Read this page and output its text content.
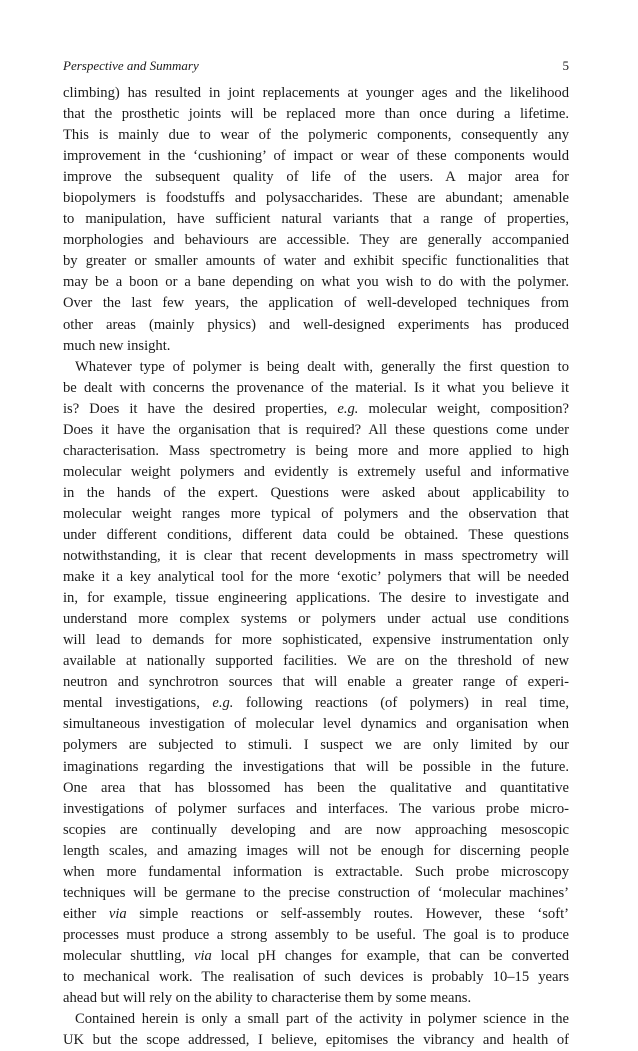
Perspective and Summary	5
climbing) has resulted in joint replacements at younger ages and the likelihood
that the prosthetic joints will be replaced more than once during a lifetime.
This is mainly due to wear of the polymeric components, consequently any
improvement in the ‘cushioning’ of impact or wear of these components would
improve the subsequent quality of life of the users. A major area for
biopolymers is foodstuffs and polysaccharides. These are abundant; amenable
to manipulation, have sufficient natural variants that a range of properties,
morphologies and behaviours are accessible. They are generally accompanied
by greater or smaller amounts of water and exhibit specific functionalities that
may be a boon or a bane depending on what you wish to do with the polymer.
Over the last few years, the application of well-developed techniques from
other areas (mainly physics) and well-designed experiments has produced
much new insight.
Whatever type of polymer is being dealt with, generally the first question to
be dealt with concerns the provenance of the material. Is it what you believe it
is? Does it have the desired properties, e.g. molecular weight, composition?
Does it have the organisation that is required? All these questions come under
characterisation. Mass spectrometry is being more and more applied to high
molecular weight polymers and evidently is extremely useful and informative
in the hands of the expert. Questions were asked about applicability to
molecular weight ranges more typical of polymers and the observation that
under different conditions, different data could be obtained. These questions
notwithstanding, it is clear that recent developments in mass spectrometry will
make it a key analytical tool for the more ‘exotic’ polymers that will be needed
in, for example, tissue engineering applications. The desire to investigate and
understand more complex systems or polymers under actual use conditions
will lead to demands for more sophisticated, expensive instrumentation only
available at nationally supported facilities. We are on the threshold of new
neutron and synchrotron sources that will enable a greater range of experi-
mental investigations, e.g. following reactions (of polymers) in real time,
simultaneous investigation of molecular level dynamics and organisation when
polymers are subjected to stimuli. I suspect we are only limited by our
imaginations regarding the investigations that will be possible in the future.
One area that has blossomed has been the qualitative and quantitative
investigations of polymer surfaces and interfaces. The various probe micro-
scopies are continually developing and are now approaching mesoscopic
length scales, and amazing images will not be enough for discerning people
when more fundamental information is extractable. Such probe microscopy
techniques will be germane to the precise construction of ‘molecular machines’
either via simple reactions or self-assembly routes. However, these ‘soft’
processes must produce a strong assembly to be useful. The goal is to produce
molecular shuttling, via local pH changes for example, that can be converted
to mechanical work. The realisation of such devices is probably 10–15 years
ahead but will rely on the ability to characterise them by some means.
Contained herein is only a small part of the activity in polymer science in the
UK but the scope addressed, I believe, epitomises the vibrancy and health of
